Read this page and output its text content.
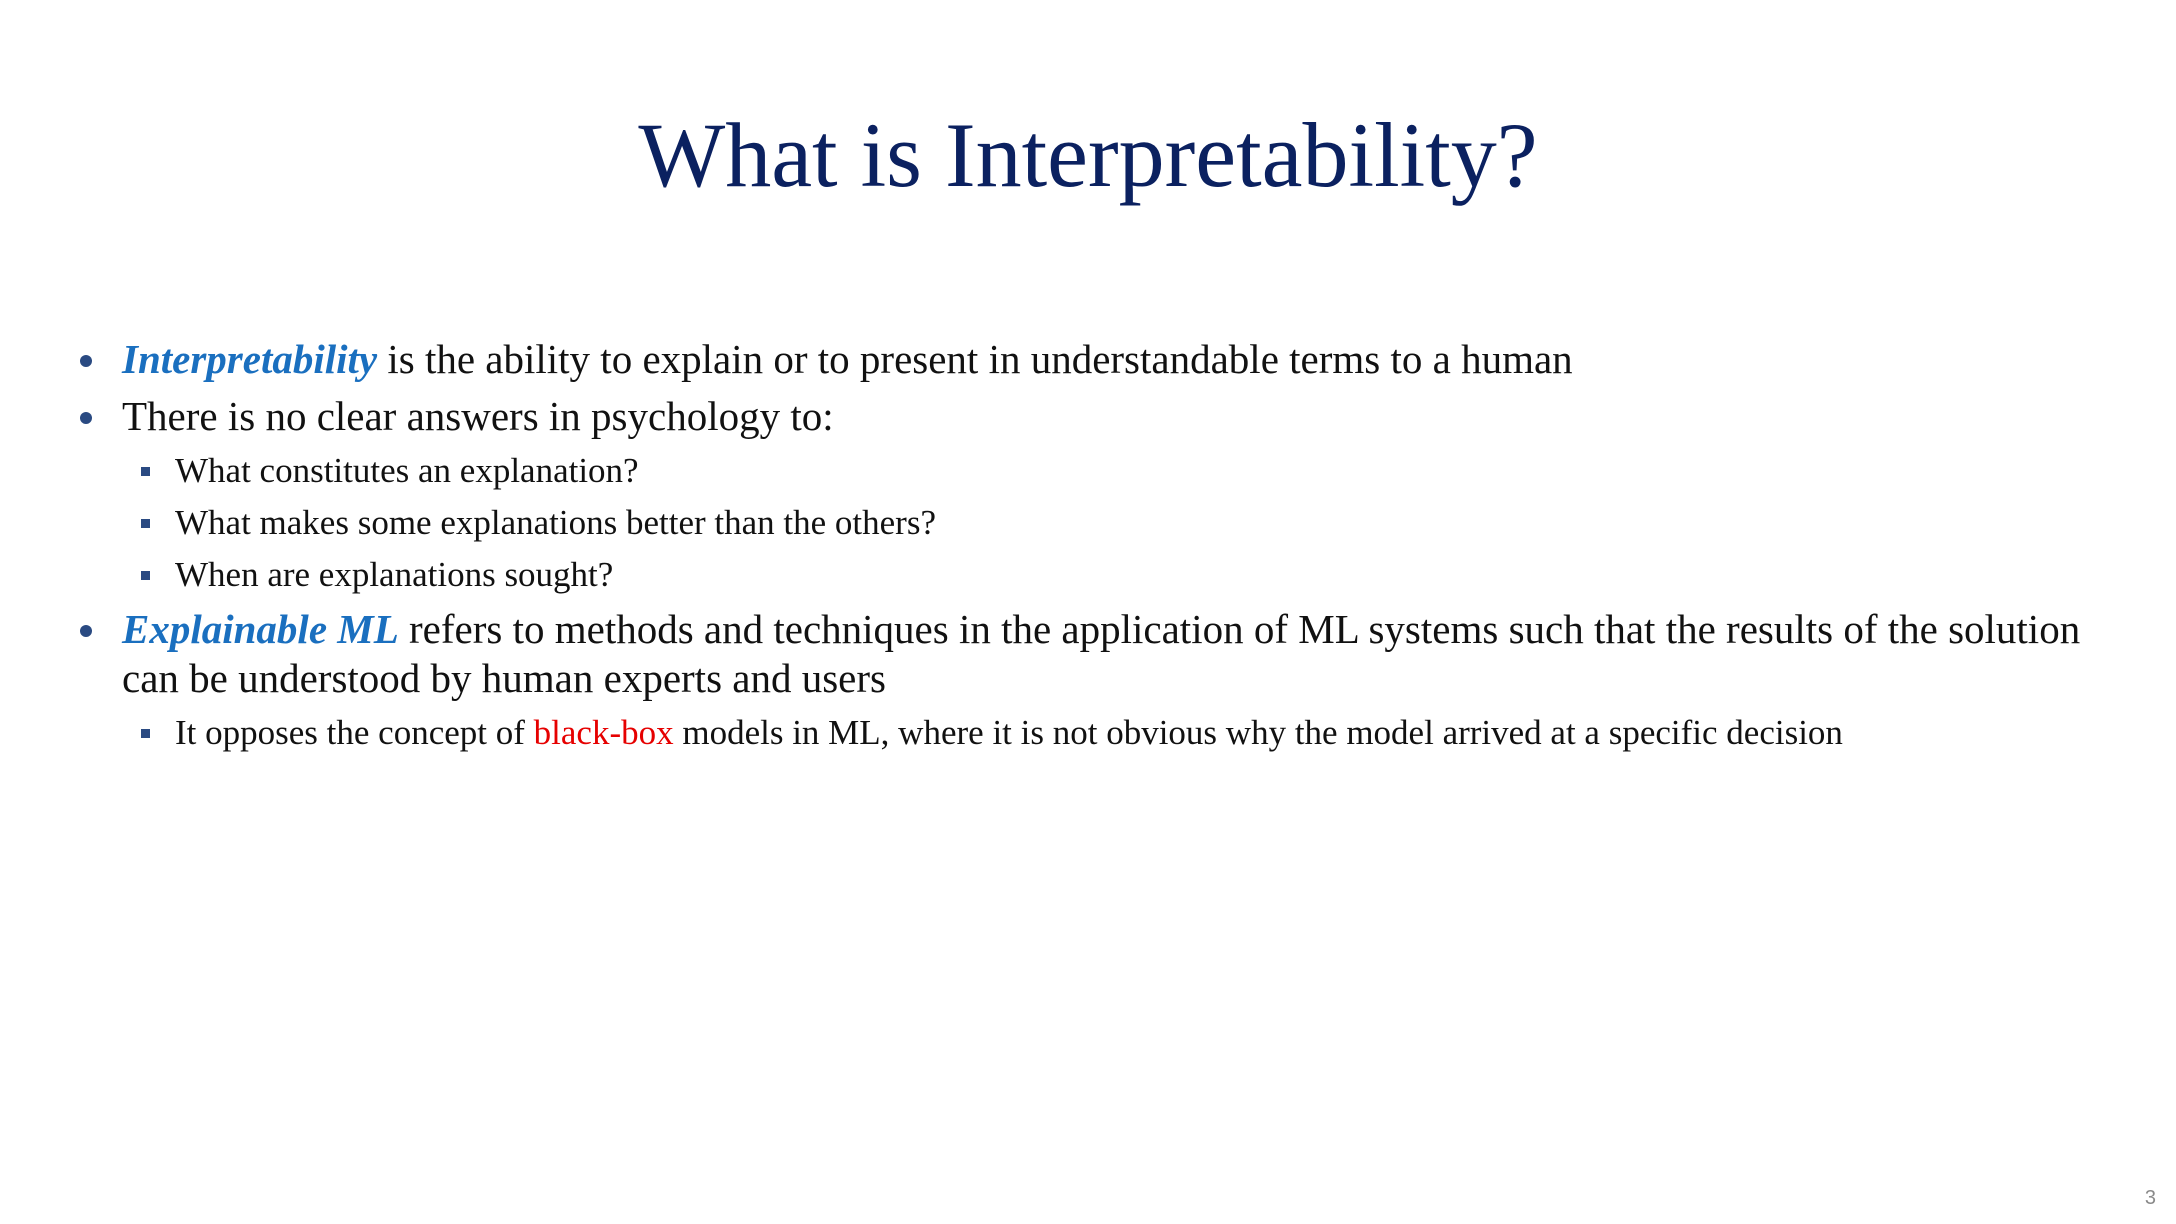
What is Interpretability?
Interpretability is the ability to explain or to present in understandable terms to a human
There is no clear answers in psychology to:
What constitutes an explanation?
What makes some explanations better than the others?
When are explanations sought?
Explainable ML refers to methods and techniques in the application of ML systems such that the results of the solution can be understood by human experts and users
It opposes the concept of black-box models in ML, where it is not obvious why the model arrived at a specific decision
3
